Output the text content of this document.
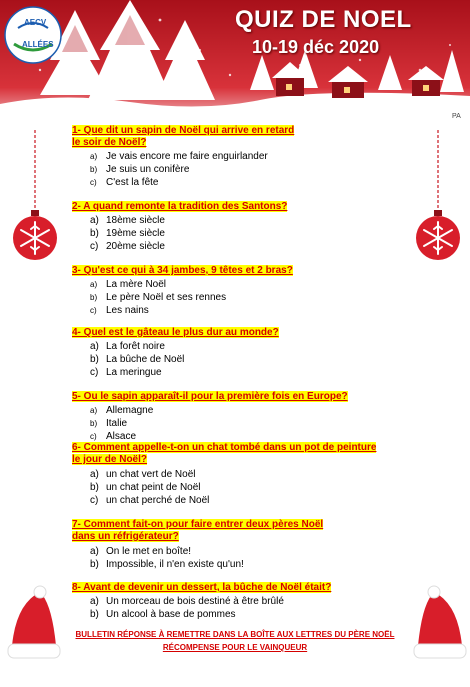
AECV
ALLÉES
QUIZ DE NOEL
10-19 déc 2020
PA
1- Que dit un sapin de Noël qui arrive en retard
le soir de Noël?
a) Je vais encore me faire enguirlander
b) Je suis un conifère
c) C'est la fête
2- A quand remonte la tradition des Santons?
a) 18ème siècle
b) 19ème siècle
c) 20ème siècle
3- Qu'est ce qui à 34 jambes, 9 têtes et 2 bras?
a) La mère Noël
b) Le père Noël et ses rennes
c) Les nains
4- Quel est le gâteau le plus dur au monde?
a) La forêt noire
b) La bûche de Noël
c) La meringue
5- Ou le sapin apparaît-il pour la première fois en Europe?
a) Allemagne
b) Italie
c) Alsace
6- Comment appelle-t-on un chat tombé dans un pot de peinture
le jour de Noël?
a) un chat vert de Noël
b) un chat peint de Noël
c) un chat perché de Noël
7- Comment fait-on pour faire entrer deux pères Noël
dans un réfrigérateur?
a) On le met en boîte!
b) Impossible, il n'en existe qu'un!
8- Avant de devenir un dessert, la bûche de Noël était?
a) Un morceau de bois destiné à être brûlé
b) Un alcool à base de pommes
BULLETIN RÉPONSE À REMETTRE DANS LA BOÎTE AUX LETTRES DU PÈRE NOËL
RÉCOMPENSE POUR LE VAINQUEUR
